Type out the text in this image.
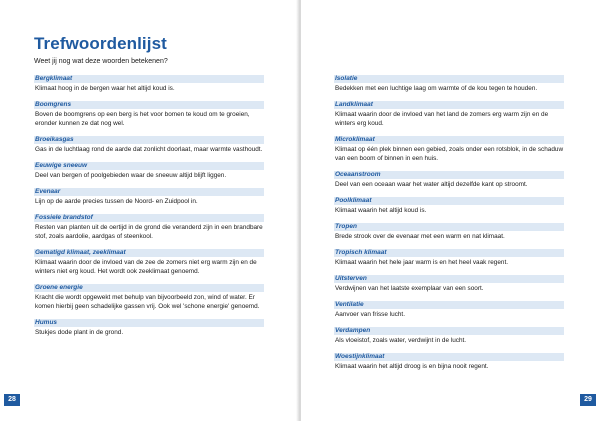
Trefwoordenlijst

Weet jij nog wat deze woorden betekenen?

Bergklimaat
Klimaat hoog in de bergen waar het altijd koud is.
Boomgrens
Boven de boomgrens op een berg is het voor bomen te koud om te groeien, eronder kunnen ze dat nog wel.
Broeikasgas
Gas in de luchtlaag rond de aarde dat zonlicht doorlaat, maar warmte vasthoudt.
Eeuwige sneeuw
Deel van bergen of poolgebieden waar de sneeuw altijd blijft liggen.
Evenaar
Lijn op de aarde precies tussen de Noord- en Zuidpool in.
Fossiele brandstof
Resten van planten uit de oertijd in de grond die veranderd zijn in een brandbare stof, zoals aardolie, aardgas of steenkool.
Gematigd klimaat, zeeklimaat
Klimaat waarin door de invloed van de zee de zomers niet erg warm zijn en de winters niet erg koud. Het wordt ook zeeklimaat genoemd.
Groene energie
Kracht die wordt opgewekt met behulp van bijvoorbeeld zon, wind of water. Er komen hierbij geen schadelijke gassen vrij. Ook wel 'schone energie' genoemd.
Humus
Stukjes dode plant in de grond.
28
Isolatie
Bedekken met een luchtige laag om warmte of de kou tegen te houden.
Landklimaat
Klimaat waarin door de invloed van het land de zomers erg warm zijn en de winters erg koud.
Microklimaat
Klimaat op één plek binnen een gebied, zoals onder een rotsblok, in de schaduw van een boom of binnen in een huis.
Oceaanstroom
Deel van een oceaan waar het water altijd dezelfde kant op stroomt.
Poolklimaat
Klimaat waarin het altijd koud is.
Tropen
Brede strook over de evenaar met een warm en nat klimaat.
Tropisch klimaat
Klimaat waarin het hele jaar warm is en het heel vaak regent.
Uitsterven
Verdwijnen van het laatste exemplaar van een soort.
Ventilatie
Aanvoer van frisse lucht.
Verdampen
Als vloeistof, zoals water, verdwijnt in de lucht.
Woestijnklimaat
Klimaat waarin het altijd droog is en bijna nooit regent.
29
